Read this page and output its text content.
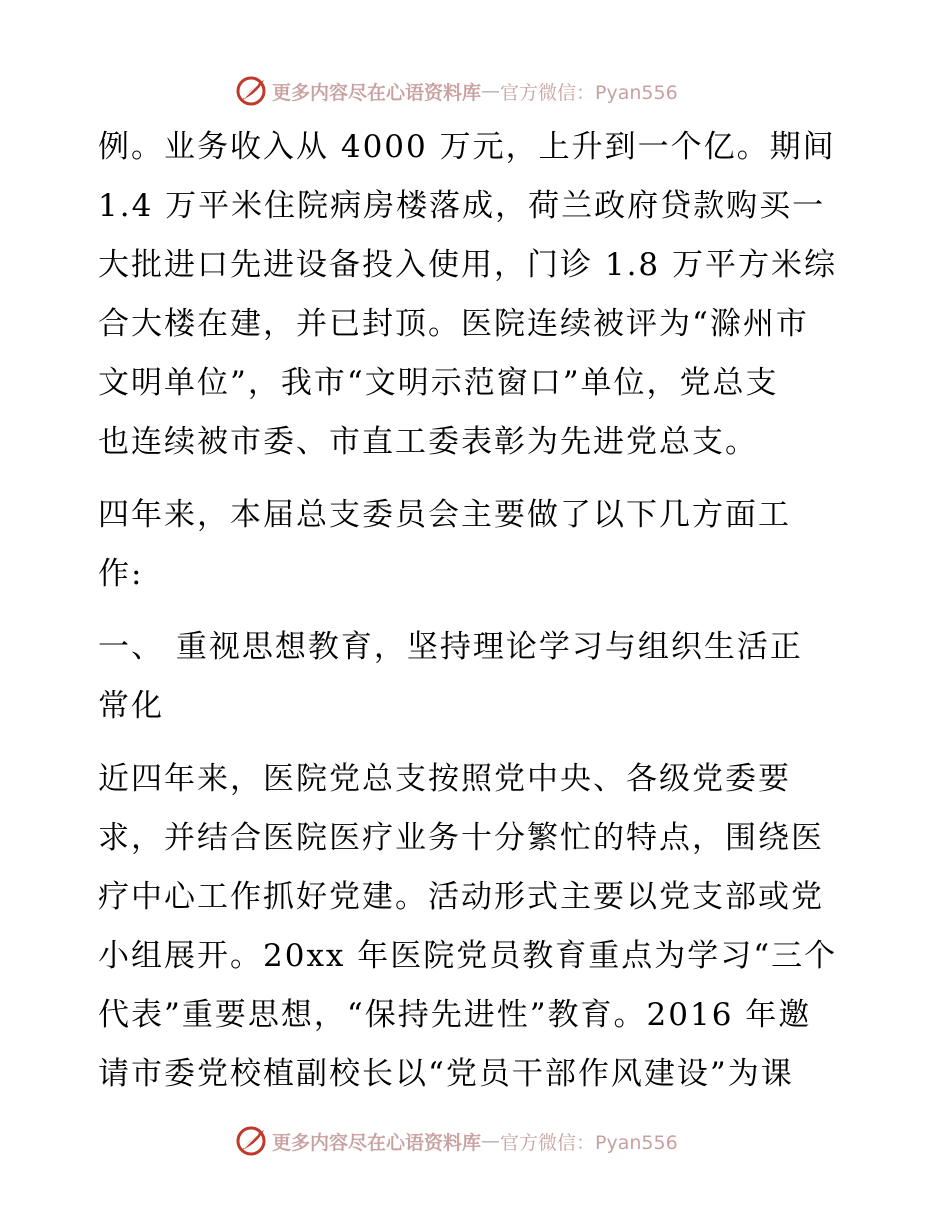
更多内容尽在心语资料库 — 官方微信：Pyan556
例。业务收入从 4000 万元，上升到一个亿。期间
1.4 万平米住院病房楼落成，荷兰政府贷款购买一
大批进口先进设备投入使用，门诊 1.8 万平方米综
合大楼在建，并已封顶。医院连续被评为“滁州市
文明单位”，我市“文明示范窗口”单位，党总支
也连续被市委、市直工委表彰为先进党总支。
四年来，本届总支委员会主要做了以下几方面工
作:
一、 重视思想教育，坚持理论学习与组织生活正
常化
近四年来，医院党总支按照党中央、各级党委要
求，并结合医院医疗业务十分繁忙的特点，围绕医
疗中心工作抓好党建。活动形式主要以党支部或党
小组展开。20xx 年医院党员教育重点为学习“三个
代表”重要思想，“保持先进性”教育。2016 年邀
请市委党校植副校长以“党员干部作风建设”为课
更多内容尽在心语资料库 — 官方微信：Pyan556
